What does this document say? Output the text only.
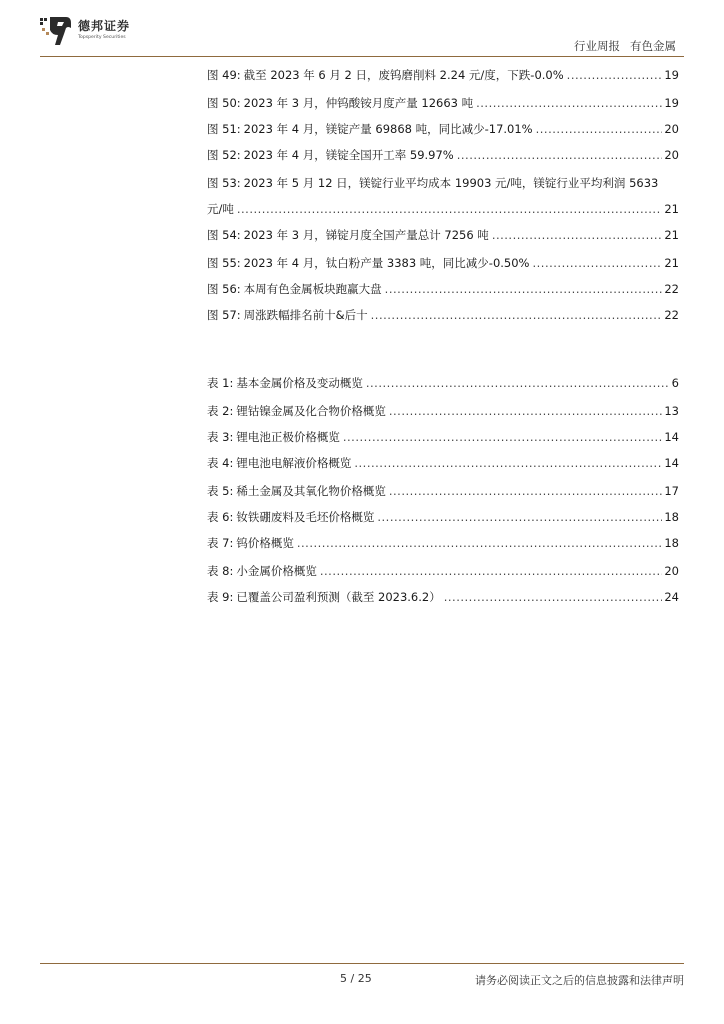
德邦证券
Topsperity Securities
行业周报 有色金属
图 49: 截至 2023 年 6 月 2 日，废钨磨削料 2.24 元/度，下跌-0.0% .....	19
图 50: 2023 年 3 月，仲钨酸铵月度产量 12663 吨 .....	19
图 51: 2023 年 4 月，镁锭产量 69868 吨，同比减少-17.01% .....	20
图 52: 2023 年 4 月，镁锭全国开工率 59.97% .....	20
图 53: 2023 年 5 月 12 日，镁锭行业平均成本 19903 元/吨，镁锭行业平均利润 5633
元/吨 .....	21
图 54: 2023 年 3 月，锑锭月度全国产量总计 7256 吨 .....	21
图 55: 2023 年 4 月，钛白粉产量 3383 吨，同比减少-0.50% .....	21
图 56: 本周有色金属板块跑赢大盘 .....	22
图 57: 周涨跌幅排名前十&后十 .....	22
表 1: 基本金属价格及变动概览 .....	6
表 2: 锂钴镍金属及化合物价格概览 .....	13
表 3: 锂电池正极价格概览 .....	14
表 4: 锂电池电解液价格概览 .....	14
表 5: 稀土金属及其氧化物价格概览 .....	17
表 6: 钕铁硼废料及毛坯价格概览 .....	18
表 7: 钨价格概览 .....	18
表 8: 小金属价格概览 .....	20
表 9: 已覆盖公司盈利预测（截至 2023.6.2） .....	24
5 / 25	请务必阅读正文之后的信息披露和法律声明
